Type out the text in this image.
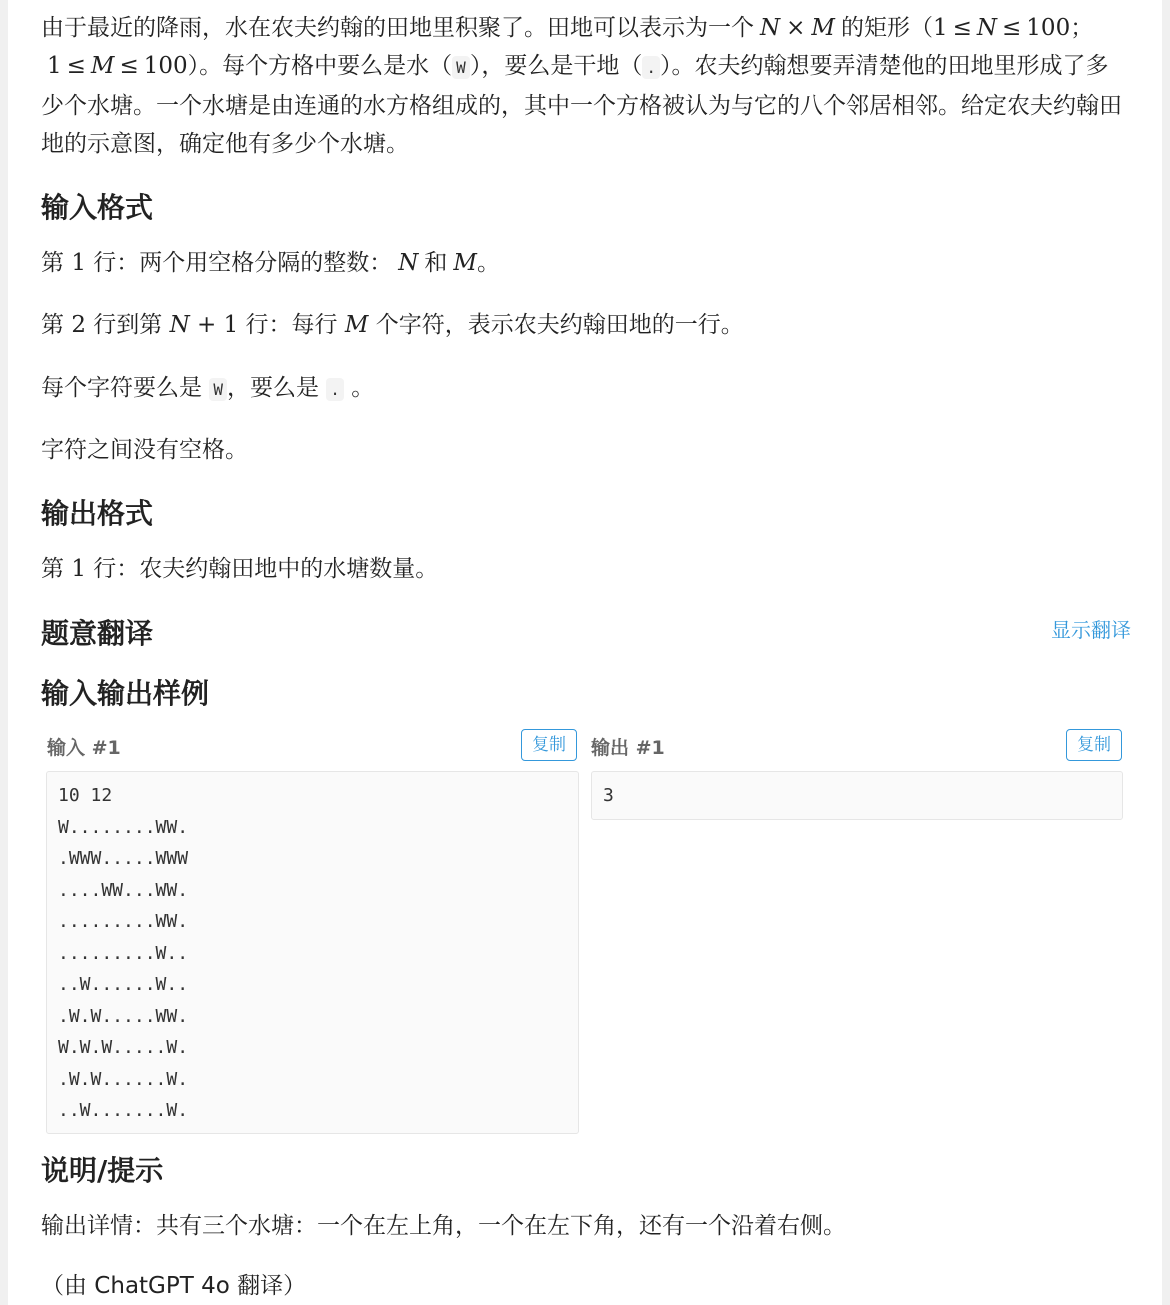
由于最近的降雨，水在农夫约翰的田地里积聚了。田地可以表示为一个 N × M 的矩形（1 ≤ N ≤ 100；1 ≤ M ≤ 100）。每个方格中要么是水（ W ），要么是干地（ . ）。农夫约翰想要弄清楚他的田地里形成了多少个水塘。一个水塘是由连通的水方格组成的，其中一个方格被认为与它的八个邻居相邻。给定农夫约翰田地的示意图，确定他有多少个水塘。

输入格式

第 1 行：两个用空格分隔的整数： N 和 M。

第 2 行到第 N + 1 行：每行 M 个字符，表示农夫约翰田地的一行。

每个字符要么是 W ，要么是 . 。

字符之间没有空格。

输出格式

第 1 行：农夫约翰田地中的水塘数量。

题意翻译	显示翻译
输入输出样例
输入 #1	复制
10 12
W........WW.
.WWW.....WWW
....WW...WW.
.........WW.
.........W..
..W......W..
.W.W.....WW.
W.W.W.....W.
.W.W......W.
..W.......W.
输出 #1	复制
3
说明/提示

输出详情：共有三个水塘：一个在左上角，一个在左下角，还有一个沿着右侧。

（由 ChatGPT 4o 翻译）
